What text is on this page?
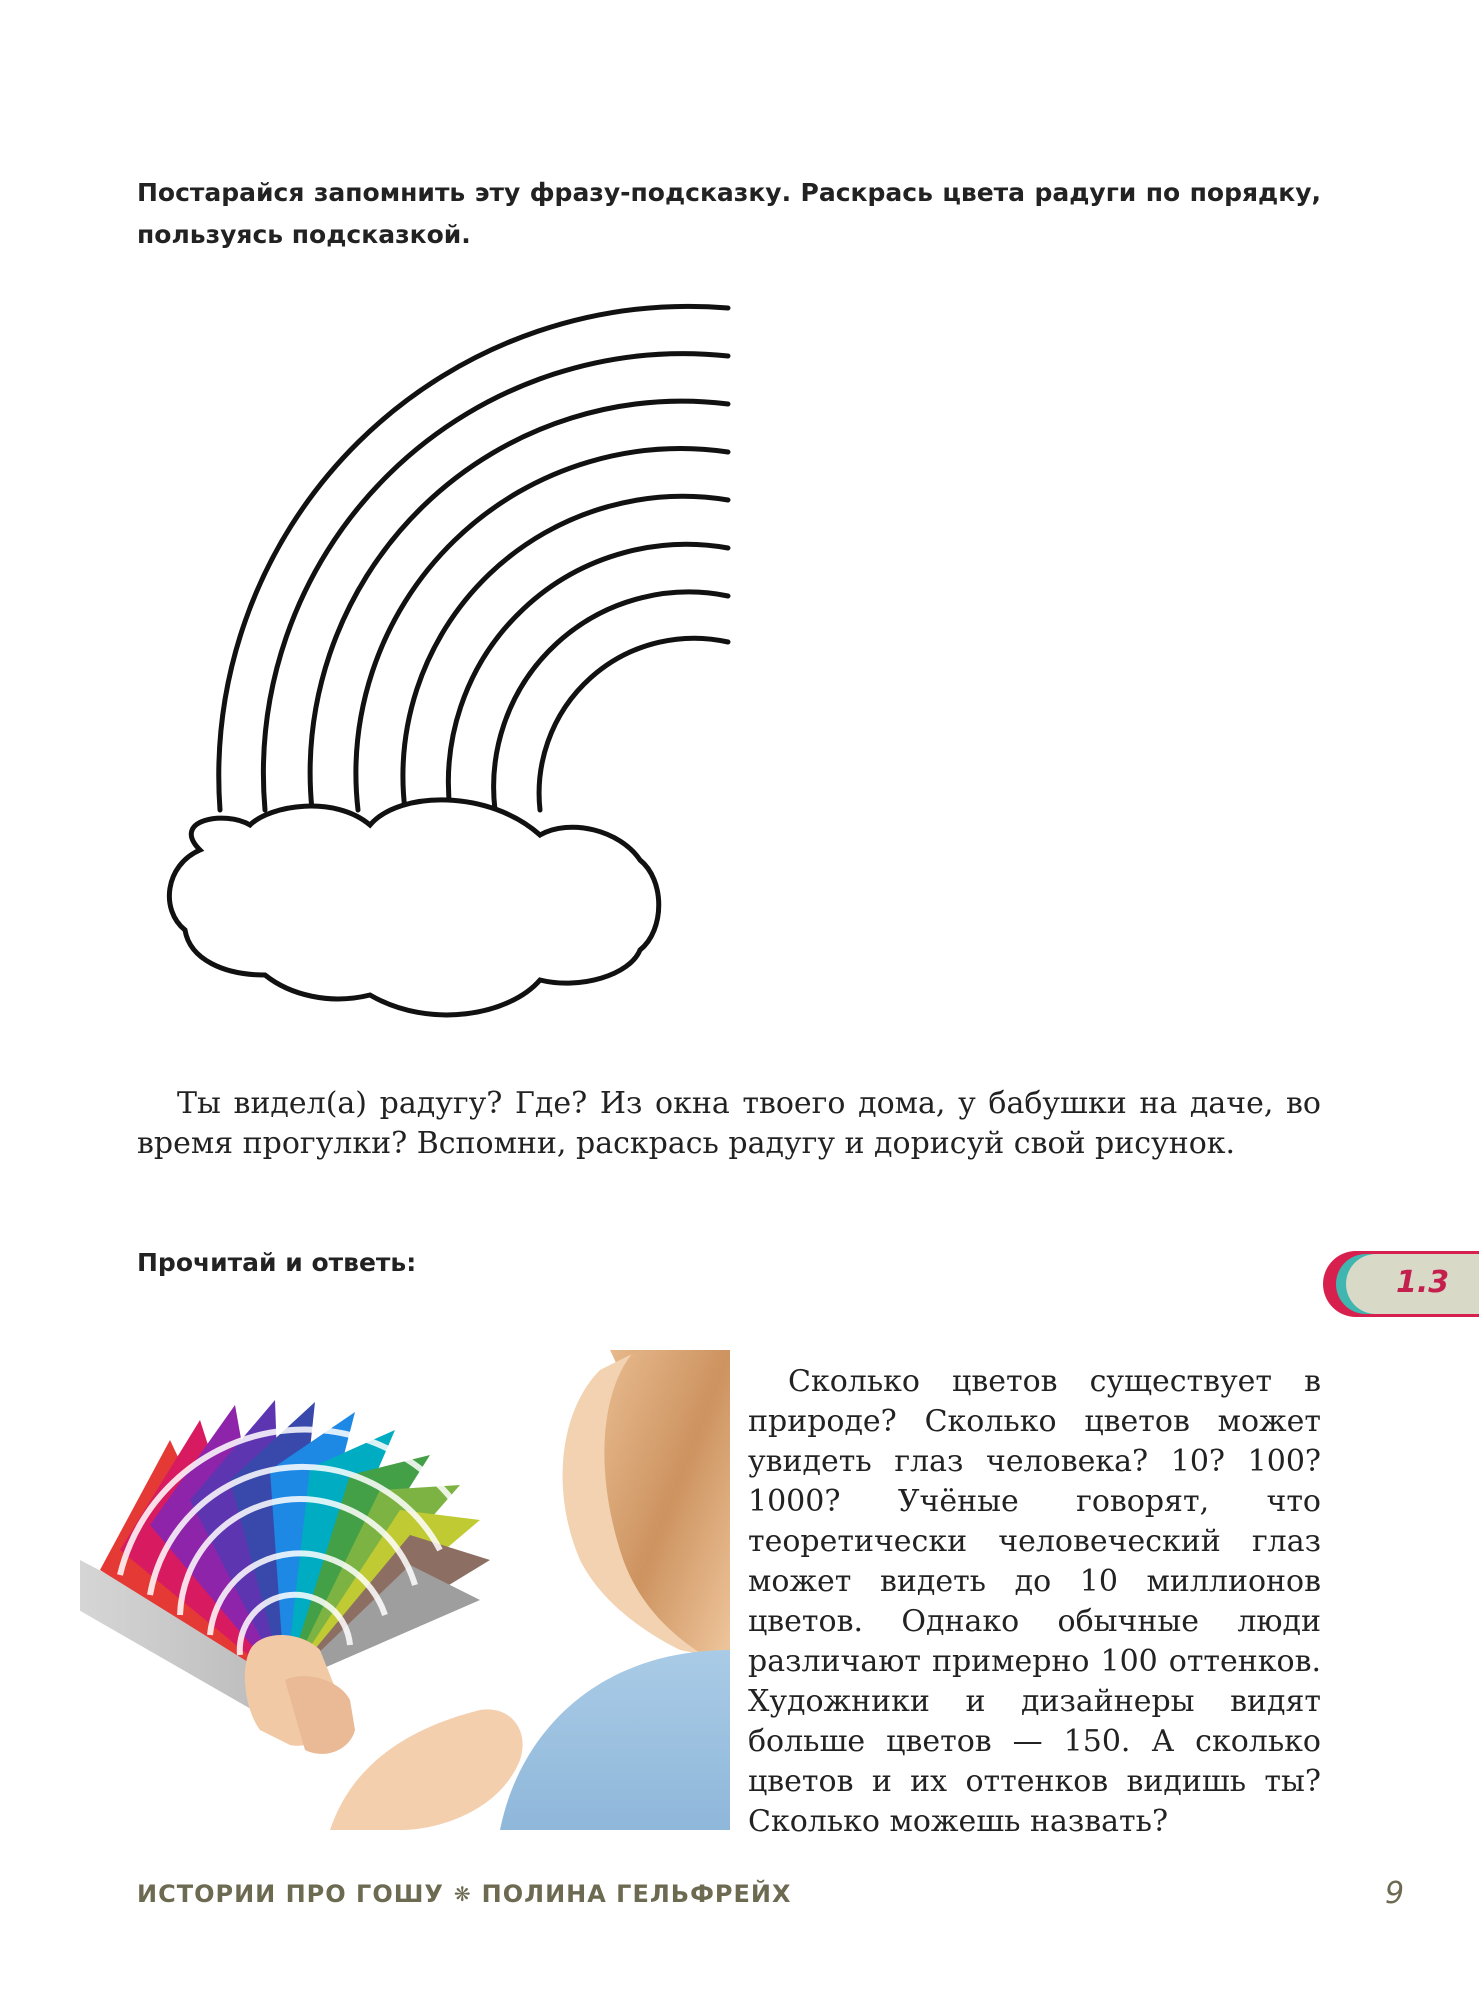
Постарайся запомнить эту фразу-подсказку. Раскрась цвета радуги по порядку, пользуясь подсказкой.

Ты видел(а) радугу? Где? Из окна твоего дома, у бабушки на даче, во время прогулки? Вспомни, раскрась радугу и дорисуй свой рисунок.

Прочитай и ответь:

1.3

Сколько цветов существует в природе? Сколько цветов может увидеть глаз человека? 10? 100? 1000? Учёные говорят, что теоретически человеческий глаз может видеть до 10 миллионов цветов. Однако обычные люди различают примерно 100 оттенков. Художники и дизайнеры видят больше цветов — 150. А сколько цветов и их оттенков видишь ты? Сколько можешь назвать?

ИСТОРИИ ПРО ГОШУ ❋ ПОЛИНА ГЕЛЬФРЕЙХ	9
